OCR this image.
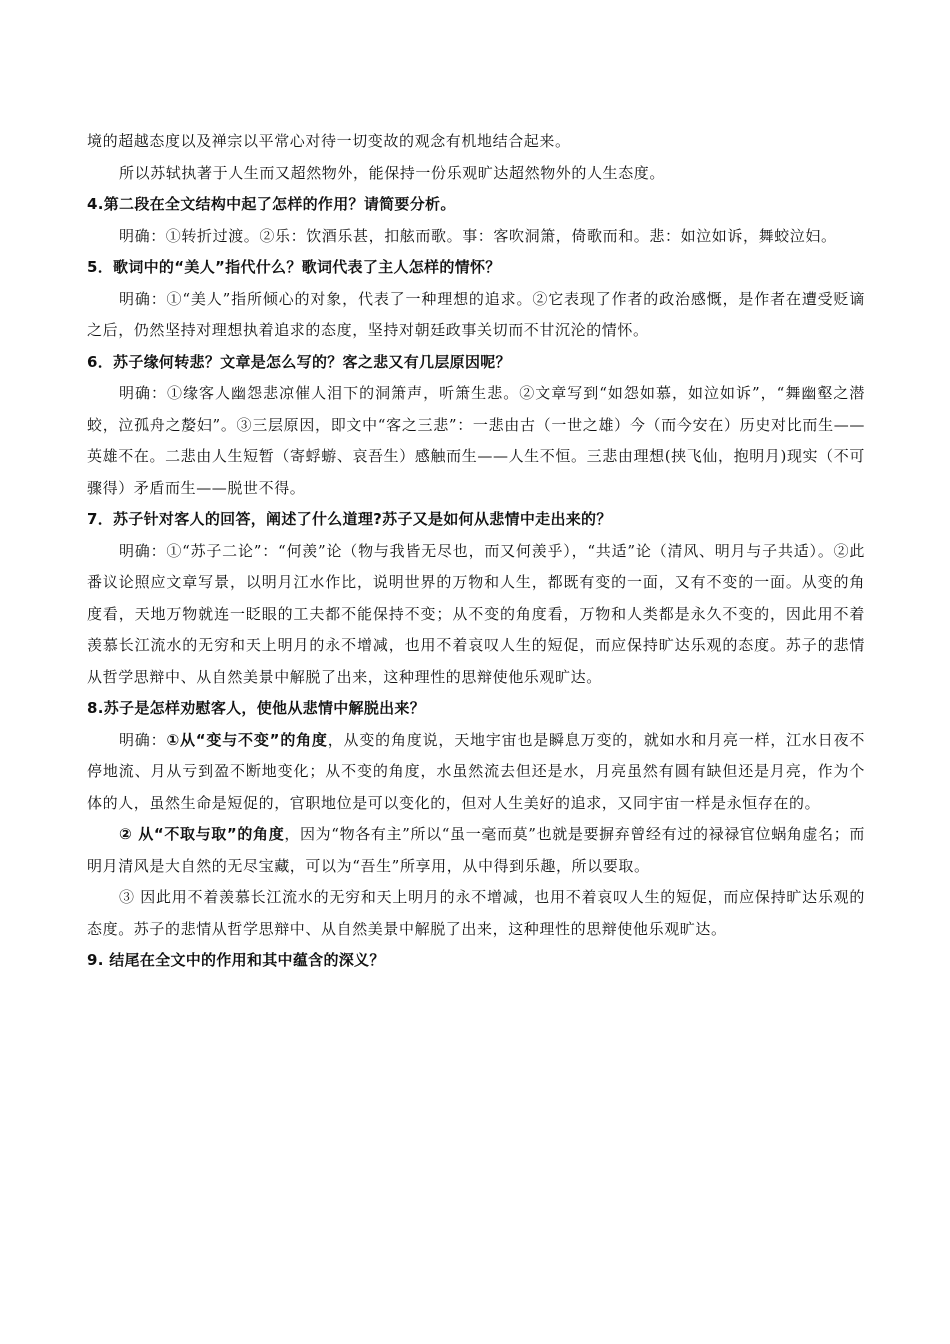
境的超越态度以及禅宗以平常心对待一切变故的观念有机地结合起来。

所以苏轼执著于人生而又超然物外，能保持一份乐观旷达超然物外的人生态度。

4.第二段在全文结构中起了怎样的作用？请简要分析。

明确：①转折过渡。②乐：饮酒乐甚，扣舷而歌。事：客吹洞箫，倚歌而和。悲：如泣如诉，舞蛟泣妇。

5．歌词中的“美人”指代什么？歌词代表了主人怎样的情怀？

明确：①“美人”指所倾心的对象，代表了一种理想的追求。②它表现了作者的政治感慨，是作者在遭受贬谪之后，仍然坚持对理想执着追求的态度，坚持对朝廷政事关切而不甘沉沦的情怀。

6．苏子缘何转悲？文章是怎么写的？客之悲又有几层原因呢？

明确：①缘客人幽怨悲凉催人泪下的洞箫声，听箫生悲。②文章写到“如怨如慕，如泣如诉”，“舞幽壑之潜蛟，泣孤舟之嫠妇”。③三层原因，即文中“客之三悲”：一悲由古（一世之雄）今（而今安在）历史对比而生——英雄不在。二悲由人生短暂（寄蜉蝣、哀吾生）感触而生——人生不恒。三悲由理想(挟飞仙，抱明月)现实（不可骤得）矛盾而生——脱世不得。

7．苏子针对客人的回答，阐述了什么道理?苏子又是如何从悲情中走出来的？

明确：①“苏子二论”：“何羡”论（物与我皆无尽也，而又何羡乎），“共适”论（清风、明月与子共适）。②此番议论照应文章写景，以明月江水作比，说明世界的万物和人生，都既有变的一面，又有不变的一面。从变的角度看，天地万物就连一眨眼的工夫都不能保持不变；从不变的角度看，万物和人类都是永久不变的，因此用不着羡慕长江流水的无穷和天上明月的永不增减，也用不着哀叹人生的短促，而应保持旷达乐观的态度。苏子的悲情从哲学思辩中、从自然美景中解脱了出来，这种理性的思辩使他乐观旷达。

8.苏子是怎样劝慰客人，使他从悲情中解脱出来？

明确：①从“变与不变”的角度，从变的角度说，天地宇宙也是瞬息万变的，就如水和月亮一样，江水日夜不停地流、月从亏到盈不断地变化；从不变的角度，水虽然流去但还是水，月亮虽然有圆有缺但还是月亮，作为个体的人，虽然生命是短促的，官职地位是可以变化的，但对人生美好的追求，又同宇宙一样是永恒存在的。

② 从“不取与取”的角度，因为“物各有主”所以“虽一毫而莫”也就是要摒弃曾经有过的禄禄官位蜗角虚名；而明月清风是大自然的无尽宝藏，可以为“吾生”所享用，从中得到乐趣，所以要取。

③ 因此用不着羡慕长江流水的无穷和天上明月的永不增减，也用不着哀叹人生的短促，而应保持旷达乐观的态度。苏子的悲情从哲学思辩中、从自然美景中解脱了出来，这种理性的思辩使他乐观旷达。

9. 结尾在全文中的作用和其中蕴含的深义？
